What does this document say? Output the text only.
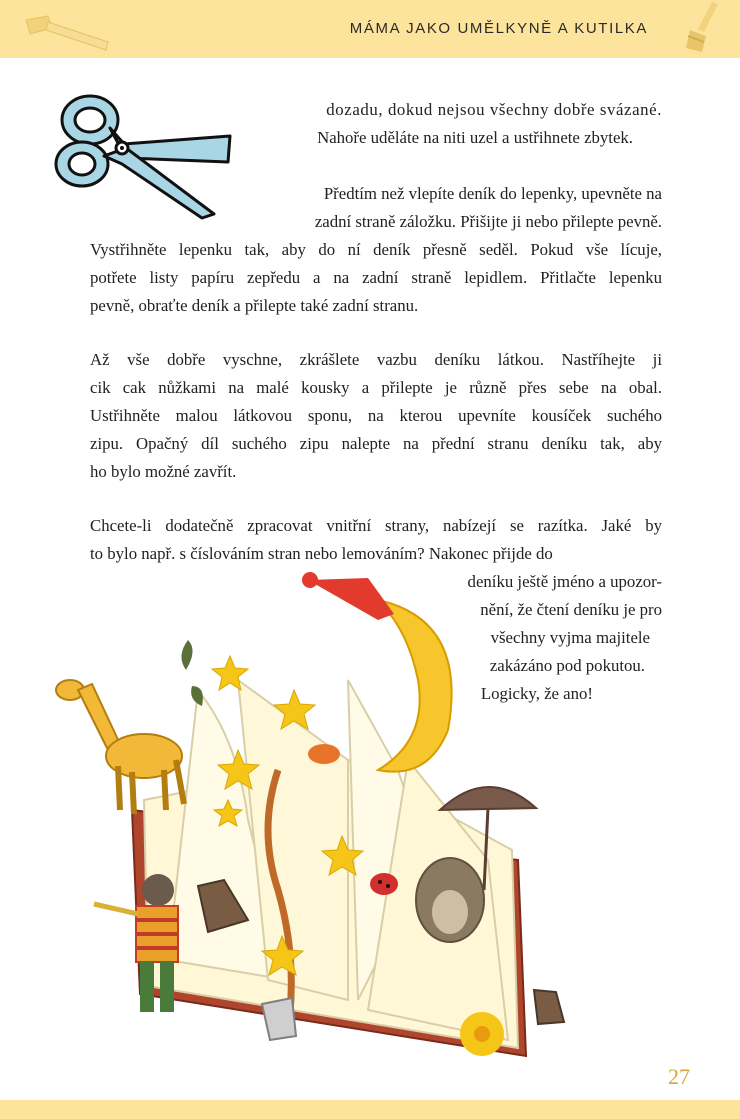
MÁMA JAKO UMĚLKYNĚ A KUTILKA
dozadu, dokud nejsou všechny dobře svázané.
Nahoře uděláte na niti uzel a ustřihnete zbytek.
Předtím než vlepíte deník do lepenky, upevněte na
zadní straně záložku. Přišijte ji nebo přilepte pevně.
Vystřihněte lepenku tak, aby do ní deník přesně seděl. Pokud vše lícuje,
potřete listy papíru zepředu a na zadní straně lepidlem. Přitlačte lepenku
pevně, obraťte deník a přilepte také zadní stranu.
Až vše dobře vyschne, zkrášlete vazbu deníku látkou. Nastříhejte ji
cik cak nůžkami na malé kousky a přilepte je různě přes sebe na obal.
Ustřihněte malou látkovou sponu, na kterou upevníte kousíček suchého
zipu. Opačný díl suchého zipu nalepte na přední stranu deníku tak, aby
ho bylo možné zavřít.
Chcete-li dodatečně zpracovat vnitřní strany, nabízejí se razítka. Jaké by
to bylo např. s číslováním stran nebo lemováním? Nakonec přijde do
deníku ještě jméno a upozor-
nění, že čtení deníku je pro
všechny vyjma majitele
zakázáno pod pokutou.
Logicky, že ano!
27
